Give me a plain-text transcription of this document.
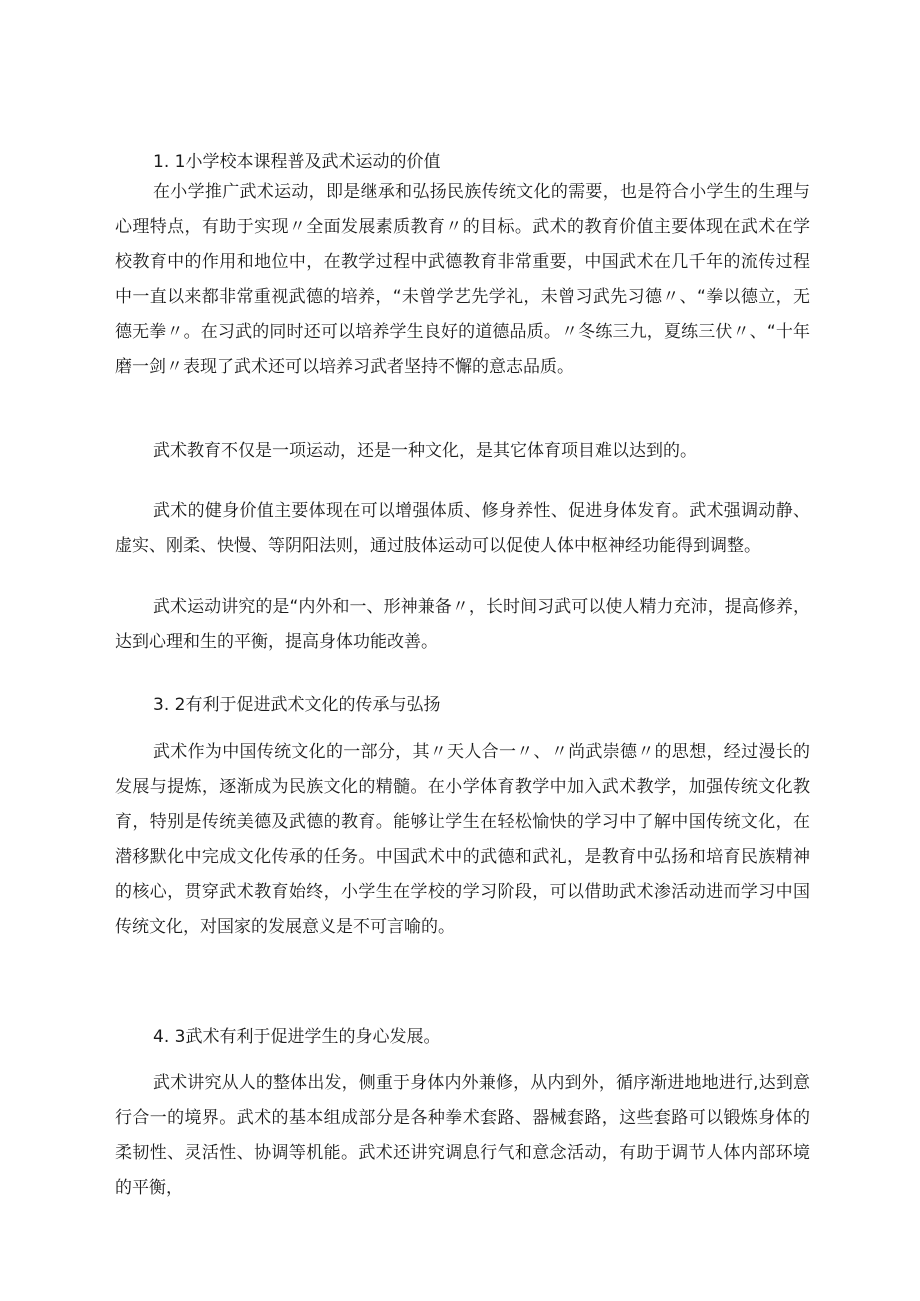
1. 1小学校本课程普及武术运动的价值

在小学推广武术运动，即是继承和弘扬民族传统文化的需要，也是符合小学生的生理与心理特点，有助于实现〃全面发展素质教育〃的目标。武术的教育价值主要体现在武术在学校教育中的作用和地位中，在教学过程中武德教育非常重要，中国武术在几千年的流传过程中一直以来都非常重视武德的培养，“未曾学艺先学礼，未曾习武先习德〃、“拳以德立，无德无拳〃。在习武的同时还可以培养学生良好的道德品质。〃冬练三九，夏练三伏〃、“十年磨一剑〃表现了武术还可以培养习武者坚持不懈的意志品质。

武术教育不仅是一项运动，还是一种文化，是其它体育项目难以达到的。

武术的健身价值主要体现在可以增强体质、修身养性、促进身体发育。武术强调动静、虚实、刚柔、快慢、等阴阳法则，通过肢体运动可以促使人体中枢神经功能得到调整。

武术运动讲究的是“内外和一、形神兼备〃，长时间习武可以使人精力充沛，提高修养，达到心理和生的平衡，提高身体功能改善。

3. 2有利于促进武术文化的传承与弘扬

武术作为中国传统文化的一部分，其〃天人合一〃、〃尚武崇德〃的思想，经过漫长的发展与提炼，逐渐成为民族文化的精髓。在小学体育教学中加入武术教学，加强传统文化教育，特别是传统美德及武德的教育。能够让学生在轻松愉快的学习中了解中国传统文化，在潜移默化中完成文化传承的任务。中国武术中的武德和武礼，是教育中弘扬和培育民族精神的核心，贯穿武术教育始终，小学生在学校的学习阶段，可以借助武术渗活动进而学习中国传统文化，对国家的发展意义是不可言喻的。

4. 3武术有利于促进学生的身心发展。

武术讲究从人的整体出发，侧重于身体内外兼修，从内到外，循序渐进地地进行,达到意行合一的境界。武术的基本组成部分是各种拳术套路、器械套路，这些套路可以锻炼身体的柔韧性、灵活性、协调等机能。武术还讲究调息行气和意念活动，有助于调节人体内部环境的平衡，
